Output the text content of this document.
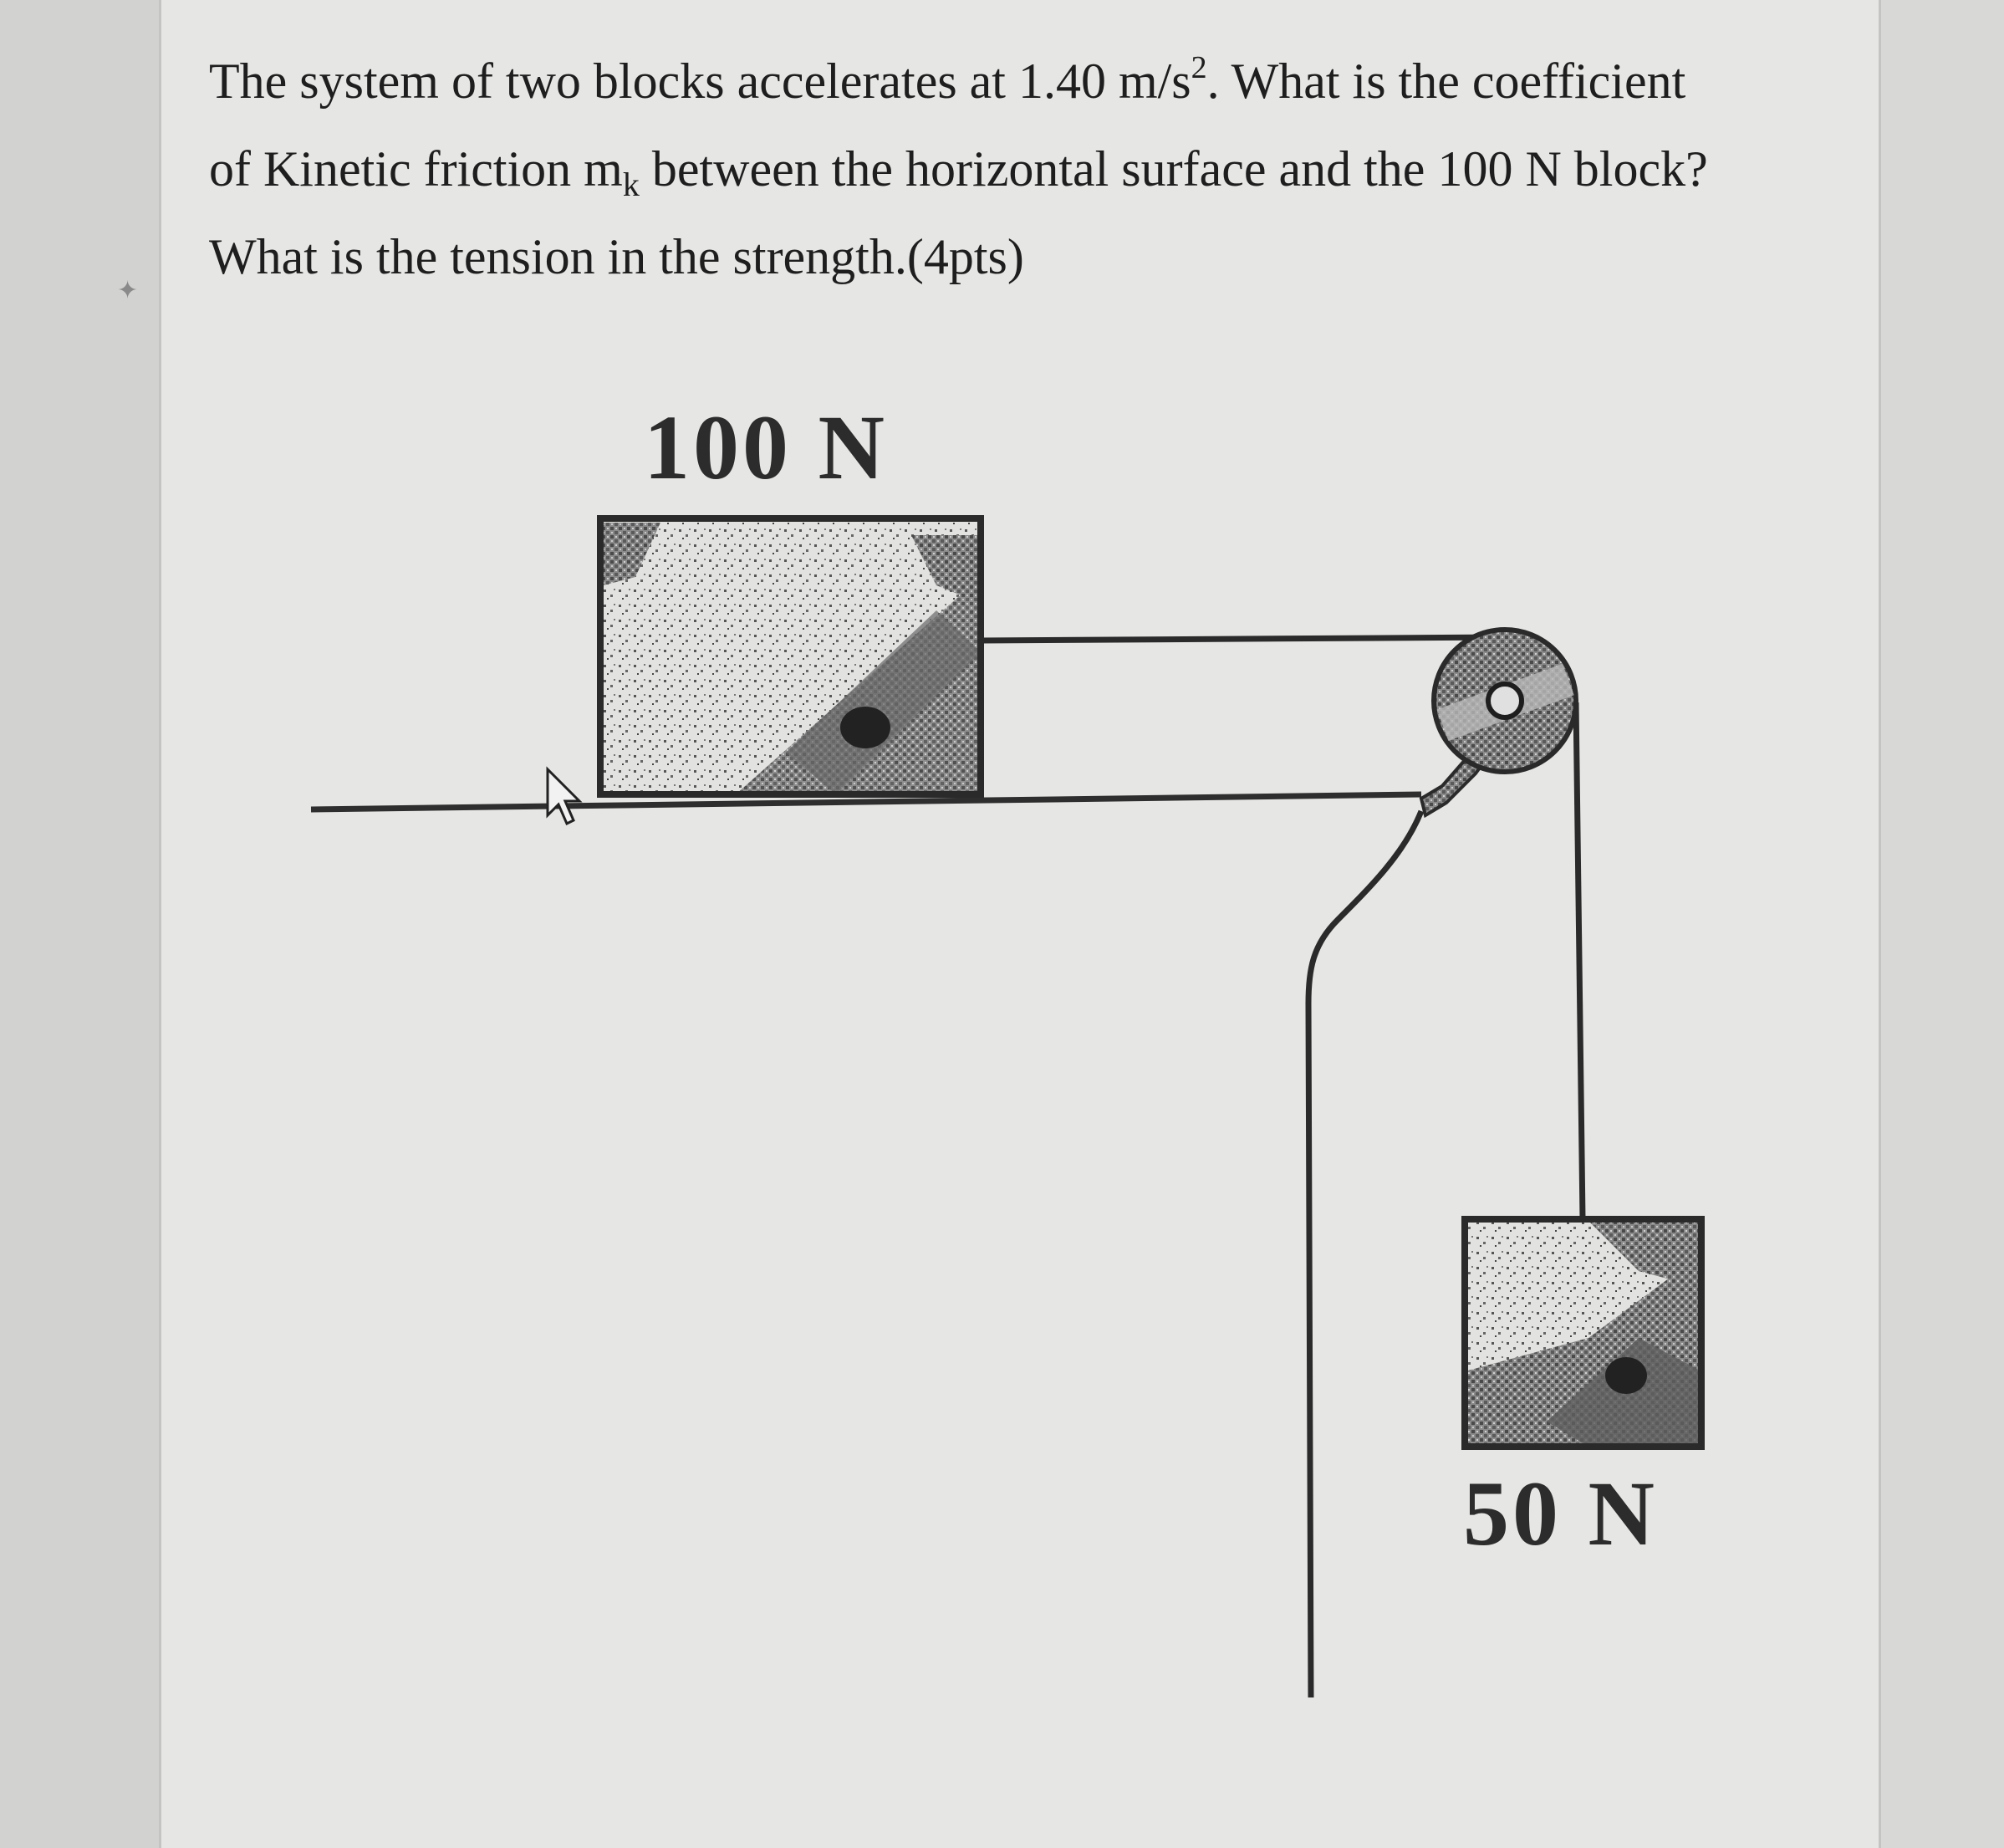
✦
The system of two blocks accelerates at 1.40 $m/s^2$. What is the coefficient
of Kinetic friction $m_k$ between the horizontal surface and the 100 N block?
What is the tension in the strength.(4pts)
100 N
50 N
